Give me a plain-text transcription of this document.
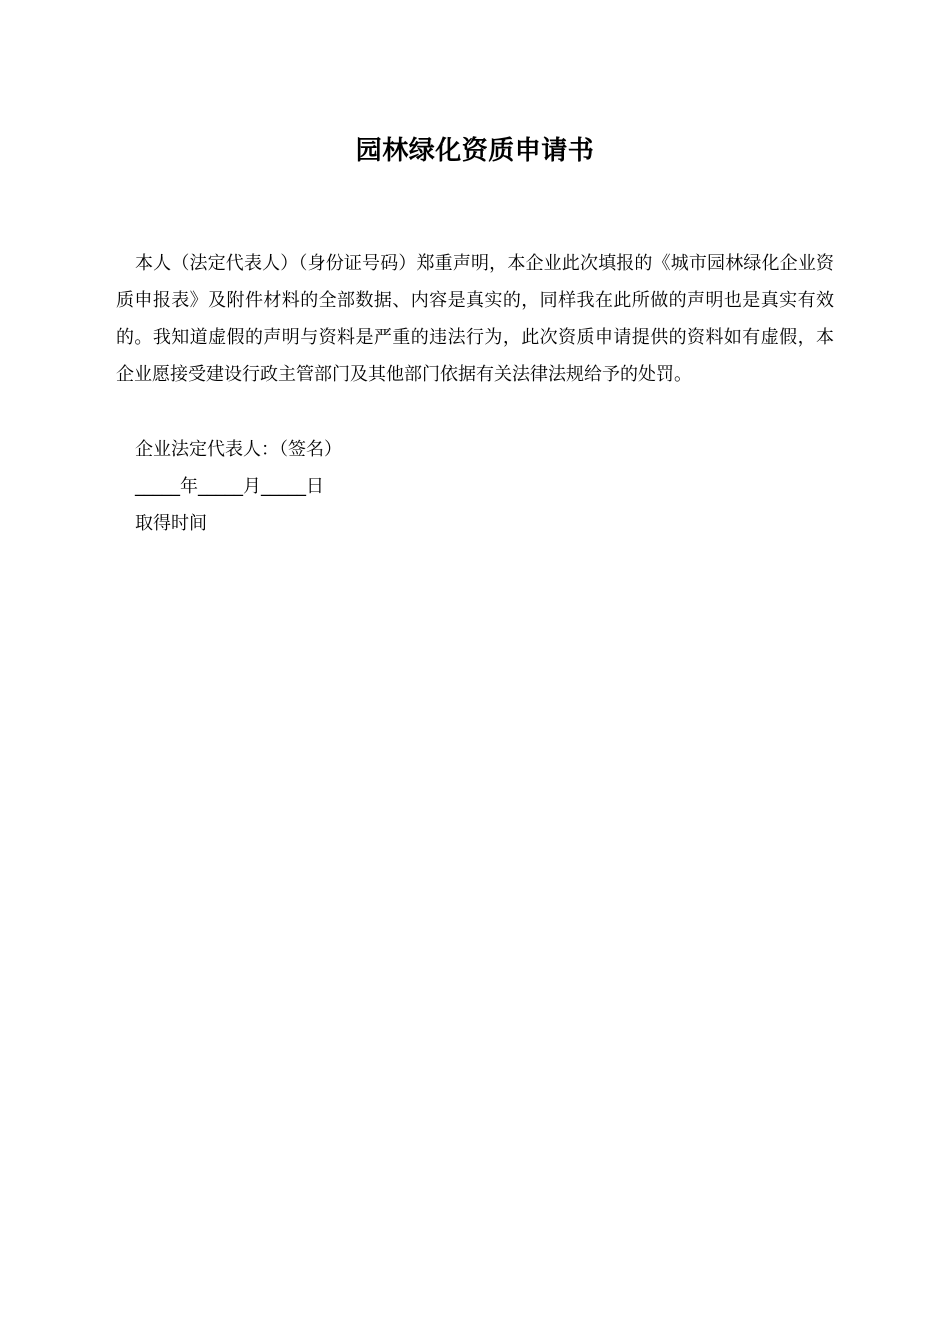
园林绿化资质申请书
本人（法定代表人）（身份证号码）郑重声明，本企业此次填报的《城市园林绿化企业资质申报表》及附件材料的全部数据、内容是真实的，同样我在此所做的声明也是真实有效的。我知道虚假的声明与资料是严重的违法行为，此次资质申请提供的资料如有虚假，本企业愿接受建设行政主管部门及其他部门依据有关法律法规给予的处罚。
企业法定代表人：（签名）
_____年_____月_____日
取得时间
